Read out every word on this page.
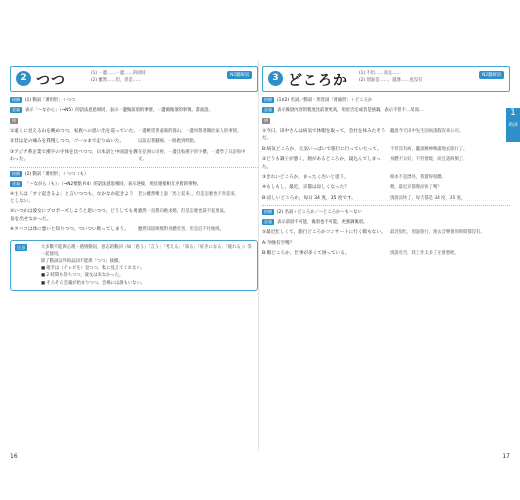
2 つつ	(1) 一邊……一邊……的同時
(2) 雖然……但，但是……
N2聽解詞
接續 (1) 動詞「連用形」＋つつ
意義 表示「～なから」（→N5）的語法意思相同，表示一邊做前項的事情，一邊做後項的事情。書面語。
例
①遠くに見える山を眺めつつ，家族への思い出を巡っていた。一邊眺望著遠處的群山，一邊回想著關於家人的事情。
②昔は足の痛みを我慢しつつ，ゴールまで走りぬいた。	以前忍著腳痛，一路跑到終點。
③アジア系企業で漢字の字体を比べつつ，日本語と中国語を教わった。在亞洲公司裡，一邊比較漢字的字體，一邊學了日語和中文。
接續 (2) 動詞「連用形」＋つつ（も）
意義 「～ながら（も）」（→N2要點 P.4）的語法意思相同，表示逆接，用於連接相互矛盾的事物。
④主人は「すぐ起きるよ」と言いつつも，なかなか起きようとしない。老公雖然嘴上說「馬上起來」，但是怎麼也不肯起來。
⑤いつかは彼女にプロポーズしようと思いつつ，どうしても勇気を出せなかった。雖然一直想向她求婚，但是怎麼也鼓不起勇氣。
⑥タバコは体に悪いと知りつつ，ついつい吸ってしまう。 雖然知道吸煙對身體有害，但是忍不住地吸。
注意	大多數不能與心理・感情動詞，意志的動詞（如「思う」「言う」「考える」「知る」「好きになる」「疲れる」）等一起使用，
除了動詞以外的品詞不能與「つつ」接續。
■ 歌手は（テレビを）見つつ，私に見えてくれない。
■ 2 時間も待ちつつ，彼女は来なかった。
■ そろそろ会議が始まりつつ，会場には誰もいない。
16
3 どころか	(1) 不但……而且……
(2) 別說是……，就連……也沒有
N2聽解詞
接續 (1)(2) 名詞／動詞・形容詞「普通形」＋どころか
意義 表示後項內容的程度比前項更高，用於否定或者是強調，表示不但不…反而…
例
①今日，田中さんは病気で休暇を取って，会社を休みたそうだ。聽說今天田中先生因病請假沒來公司。
B:病気どころか，元気いっぱいで旅行に行っていたって。 不但沒有病，聽說精神飽滿地去旅行了。
②どうも調子が悪く，熱があるどころか，寝込んでしまった。身體不太好，不但發燒，而且還病倒了。
③きれいどころか，まったく汚いと思う。	根本不是漂亮，我覺得很髒。
④もしもし，最近，京都は涼しくなった？	喂，最近京都變涼快了嗎？
B:涼しいどころか，毎日 34 度，35 度です。	別說涼快了，每天都是 34 度、35 度。
接續 (2) 名詞＋どころか／～ところか～も～ない
意義 表示前項不可能，後項也不可能，更強調後項。
⑤最近忙しくて，旅行どころかコンサートに行く暇もない。 最近很忙，別說旅行，連去音樂會的時間都沒有。
A:今晚有空嗎？
B:暇どころか，仕事が多くて困っている。	別說有空，我工作太多了正發愁呢。
17
1
助詞
